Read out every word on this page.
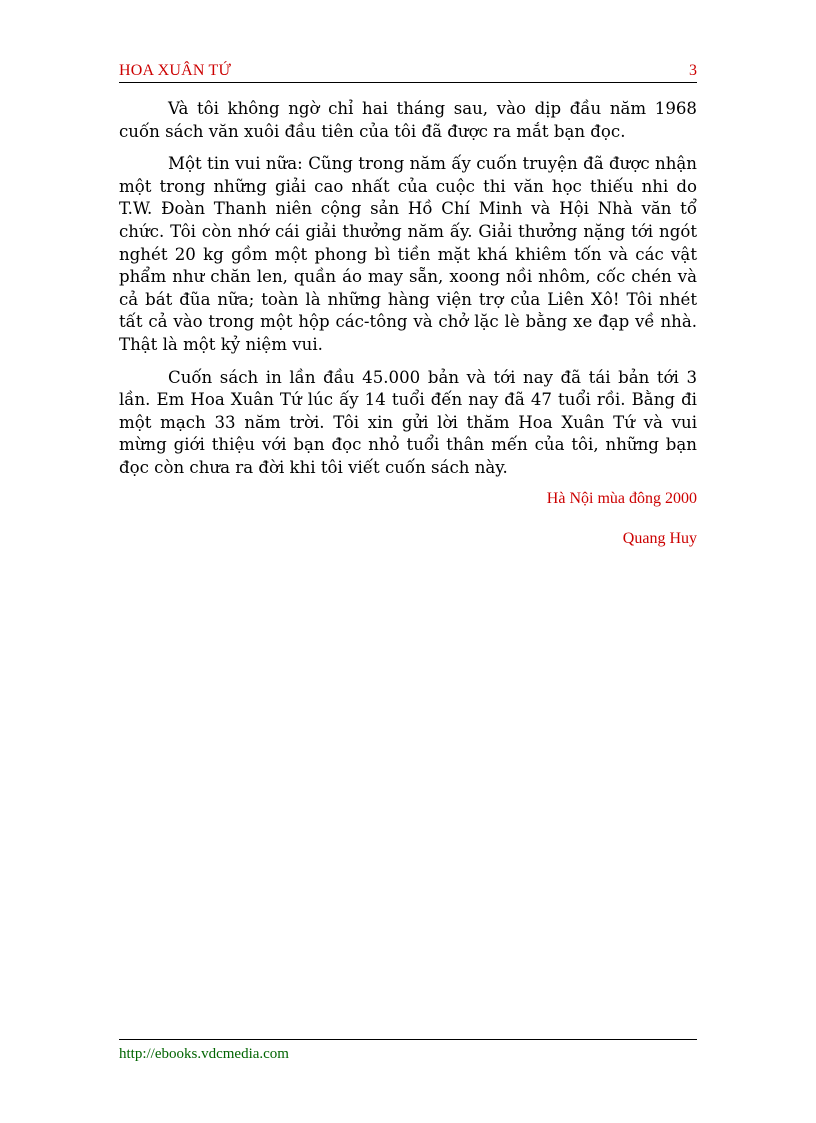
HOA XUÂN TỨ	3

Và tôi không ngờ chỉ hai tháng sau, vào dịp đầu năm 1968 cuốn sách văn xuôi đầu tiên của tôi đã được ra mắt bạn đọc.

Một tin vui nữa: Cũng trong năm ấy cuốn truyện đã được nhận một trong những giải cao nhất của cuộc thi văn học thiếu nhi do T.W. Đoàn Thanh niên cộng sản Hồ Chí Minh và Hội Nhà văn tổ chức. Tôi còn nhớ cái giải thưởng năm ấy. Giải thưởng nặng tới ngót nghét 20 kg gồm một phong bì tiền mặt khá khiêm tốn và các vật phẩm như chăn len, quần áo may sẵn, xoong nồi nhôm, cốc chén và cả bát đũa nữa; toàn là những hàng viện trợ của Liên Xô! Tôi nhét tất cả vào trong một hộp các-tông và chở lặc lè bằng xe đạp về nhà. Thật là một kỷ niệm vui.

Cuốn sách in lần đầu 45.000 bản và tới nay đã tái bản tới 3 lần. Em Hoa Xuân Tứ lúc ấy 14 tuổi đến nay đã 47 tuổi rồi. Bằng đi một mạch 33 năm trời. Tôi xin gửi lời thăm Hoa Xuân Tứ và vui mừng giới thiệu với bạn đọc nhỏ tuổi thân mến của tôi, những bạn đọc còn chưa ra đời khi tôi viết cuốn sách này.

Hà Nội mùa đông 2000

Quang Huy

http://ebooks.vdcmedia.com
